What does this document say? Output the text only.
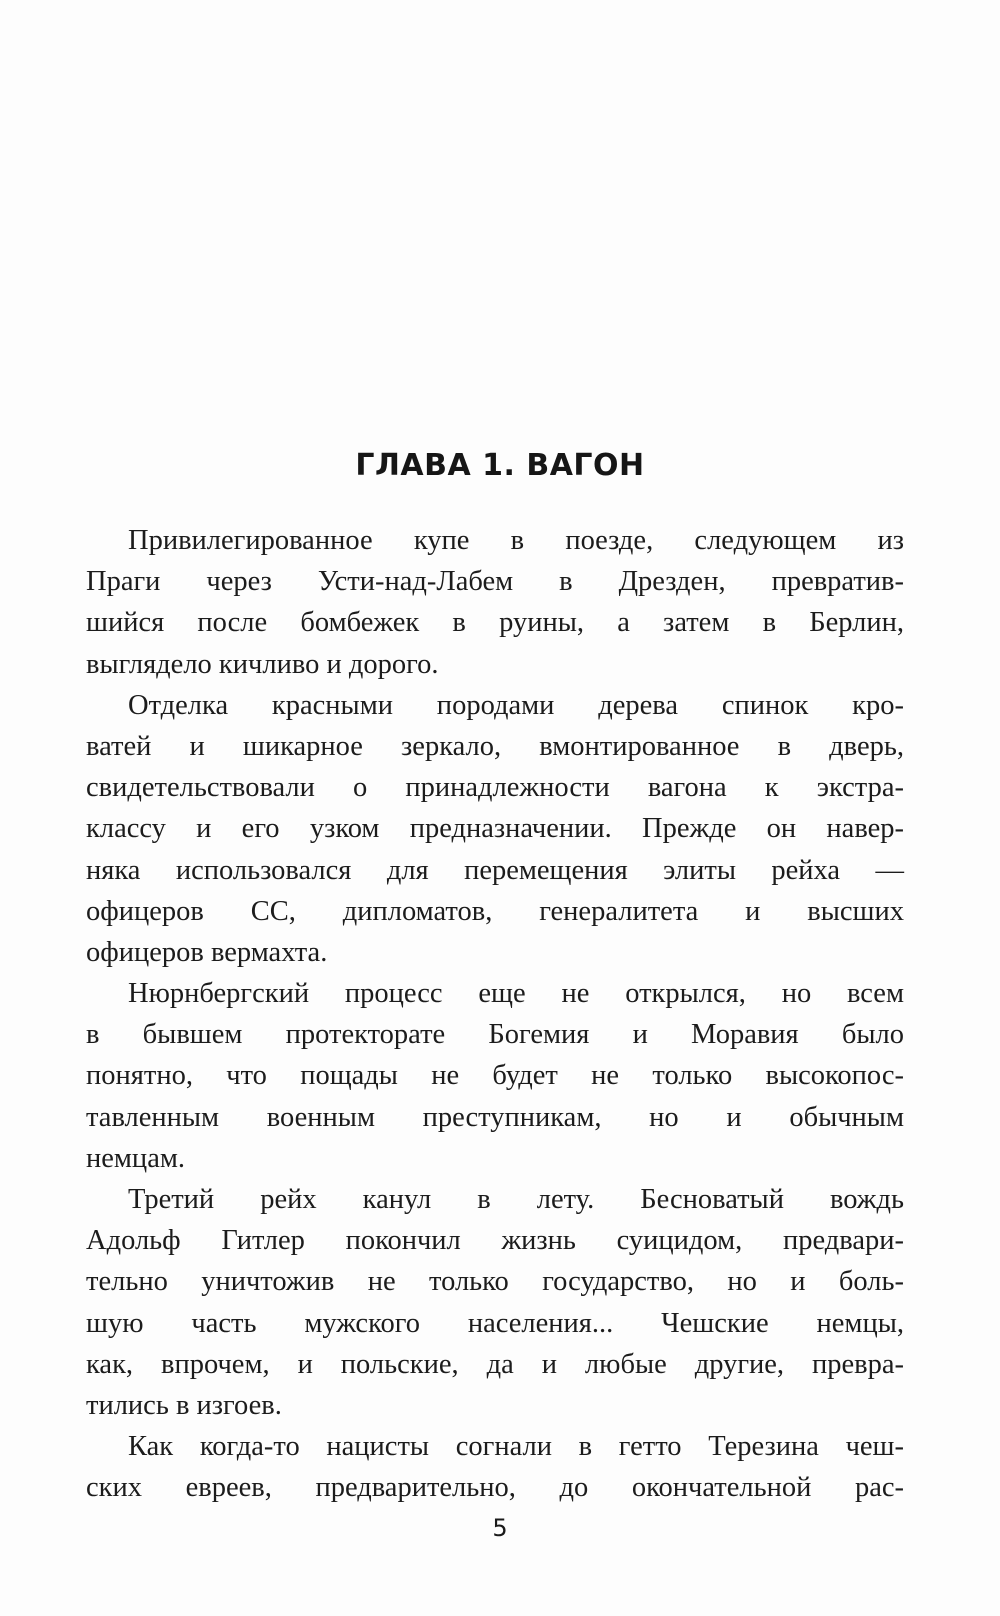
ГЛАВА 1. ВАГОН

Привилегированное купе в поезде, следующем из
Праги через Усти-над-Лабем в Дрезден, превратив-
шийся после бомбежек в руины, а затем в Берлин,
выглядело кичливо и дорого.

Отделка красными породами дерева спинок кро-
ватей и шикарное зеркало, вмонтированное в дверь,
свидетельствовали о принадлежности вагона к экстра-
классу и его узком предназначении. Прежде он навер-
няка использовался для перемещения элиты рейха —
офицеров СС, дипломатов, генералитета и высших
офицеров вермахта.

Нюрнбергский процесс еще не открылся, но всем
в бывшем протекторате Богемия и Моравия было
понятно, что пощады не будет не только высокопос-
тавленным военным преступникам, но и обычным
немцам.

Третий рейх канул в лету. Бесноватый вождь
Адольф Гитлер покончил жизнь суицидом, предвари-
тельно уничтожив не только государство, но и боль-
шую часть мужского населения... Чешские немцы,
как, впрочем, и польские, да и любые другие, превра-
тились в изгоев.

Как когда-то нацисты согнали в гетто Терезина чеш-
ских евреев, предварительно, до окончательной рас-

5
